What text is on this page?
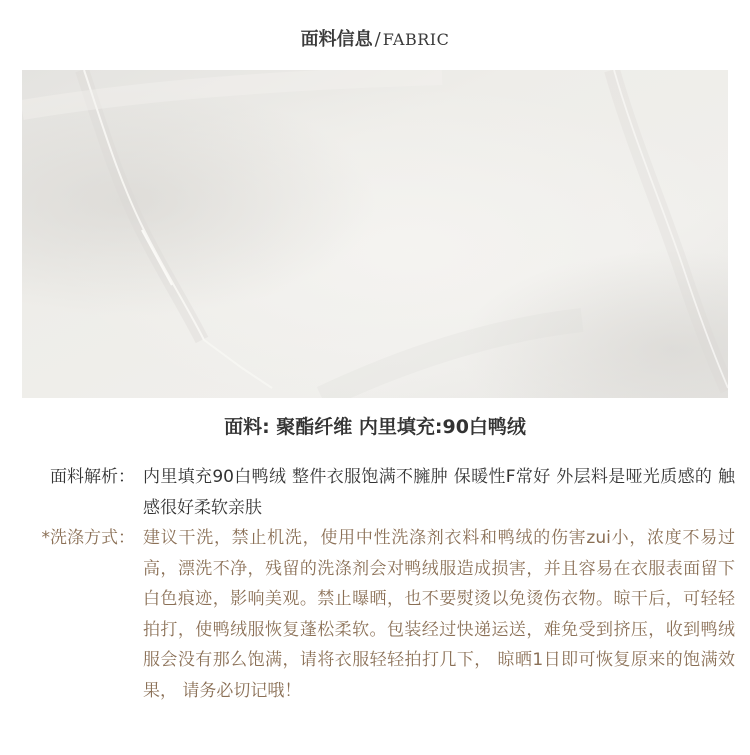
面料信息 / FABRIC
面料: 聚酯纤维 内里填充:90白鸭绒
面料解析： 内里填充90白鸭绒 整件衣服饱满不臃肿 保暖性F常好 外层料是哑光质感的 触感很好柔软亲肤
*洗涤方式： 建议干洗，禁止机洗，使用中性洗涤剂衣料和鸭绒的伤害zui小，浓度不易过高，漂洗不净，残留的洗涤剂会对鸭绒服造成损害，并且容易在衣服表面留下白色痕迹，影响美观。禁止曝晒，也不要熨烫以免烫伤衣物。晾干后，可轻轻拍打，使鸭绒服恢复蓬松柔软。包装经过快递运送，难免受到挤压，收到鸭绒服会没有那么饱满，请将衣服轻轻拍打几下， 晾晒1日即可恢复原来的饱满效果， 请务必切记哦！
